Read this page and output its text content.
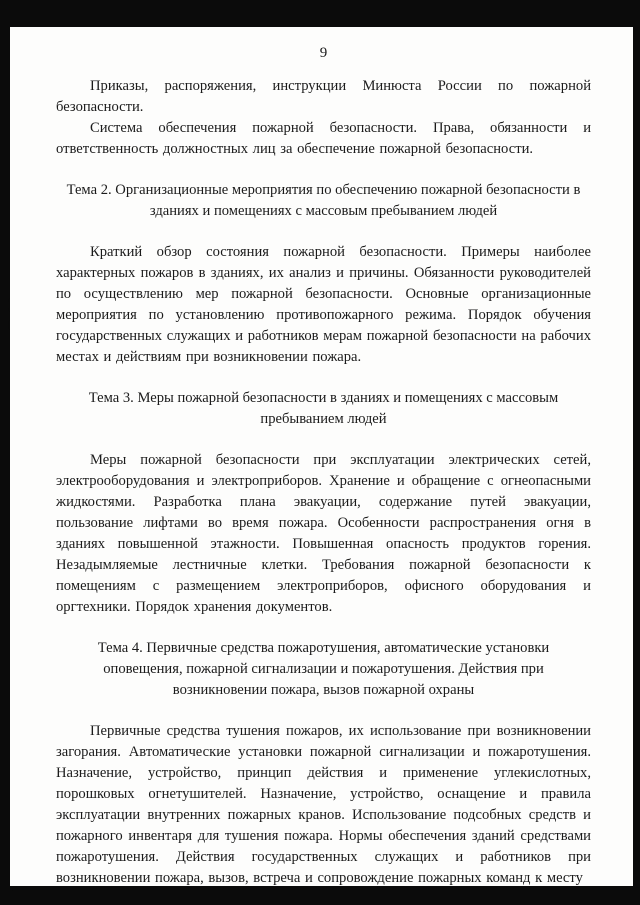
9

Приказы, распоряжения, инструкции Минюста России по пожарной безопасности.

Система обеспечения пожарной безопасности. Права, обязанности и ответственность должностных лиц за обеспечение пожарной безопасности.

Тема 2. Организационные мероприятия по обеспечению пожарной безопасности в зданиях и помещениях с массовым пребыванием людей

Краткий обзор состояния пожарной безопасности. Примеры наиболее характерных пожаров в зданиях, их анализ и причины. Обязанности руководителей по осуществлению мер пожарной безопасности. Основные организационные мероприятия по установлению противопожарного режима. Порядок обучения государственных служащих и работников мерам пожарной безопасности на рабочих местах и действиям при возникновении пожара.

Тема 3. Меры пожарной безопасности в зданиях и помещениях с массовым пребыванием людей

Меры пожарной безопасности при эксплуатации электрических сетей, электрооборудования и электроприборов. Хранение и обращение с огнеопасными жидкостями. Разработка плана эвакуации, содержание путей эвакуации, пользование лифтами во время пожара. Особенности распространения огня в зданиях повышенной этажности. Повышенная опасность продуктов горения. Незадымляемые лестничные клетки. Требования пожарной безопасности к помещениям с размещением электроприборов, офисного оборудования и оргтехники. Порядок хранения документов.

Тема 4. Первичные средства пожаротушения, автоматические установки оповещения, пожарной сигнализации и пожаротушения. Действия при возникновении пожара, вызов пожарной охраны

Первичные средства тушения пожаров, их использование при возникновении загорания. Автоматические установки пожарной сигнализации и пожаротушения. Назначение, устройство, принцип действия и применение углекислотных, порошковых огнетушителей. Назначение, устройство, оснащение и правила эксплуатации внутренних пожарных кранов. Использование подсобных средств и пожарного инвентаря для тушения пожара. Нормы обеспечения зданий средствами пожаротушения. Действия государственных служащих и работников при возникновении пожара, вызов, встреча и сопровождение пожарных команд к месту
